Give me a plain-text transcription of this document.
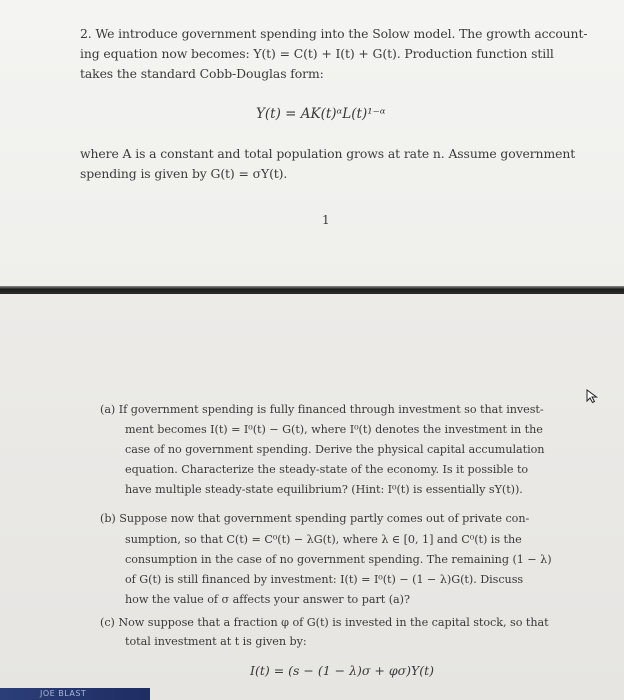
2. We introduce government spending into the Solow model. The growth account-
ing equation now becomes: Y(t) = C(t) + I(t) + G(t). Production function still
takes the standard Cobb-Douglas form:
Y(t) = AK(t)ᵅL(t)¹⁻ᵅ
where A is a constant and total population grows at rate n. Assume government
spending is given by G(t) = σY(t).
1
(a) If government spending is fully financed through investment so that invest-
ment becomes I(t) = I⁰(t) − G(t), where I⁰(t) denotes the investment in the
case of no government spending. Derive the physical capital accumulation
equation. Characterize the steady-state of the economy. Is it possible to
have multiple steady-state equilibrium? (Hint: I⁰(t) is essentially sY(t)).
(b) Suppose now that government spending partly comes out of private con-
sumption, so that C(t) = C⁰(t) − λG(t), where λ ∈ [0, 1] and C⁰(t) is the
consumption in the case of no government spending. The remaining (1 − λ)
of G(t) is still financed by investment: I(t) = I⁰(t) − (1 − λ)G(t). Discuss
how the value of σ affects your answer to part (a)?
(c) Now suppose that a fraction φ of G(t) is invested in the capital stock, so that
total investment at t is given by:
I(t) = (s − (1 − λ)σ + φσ)Y(t)
JOE BLAST
